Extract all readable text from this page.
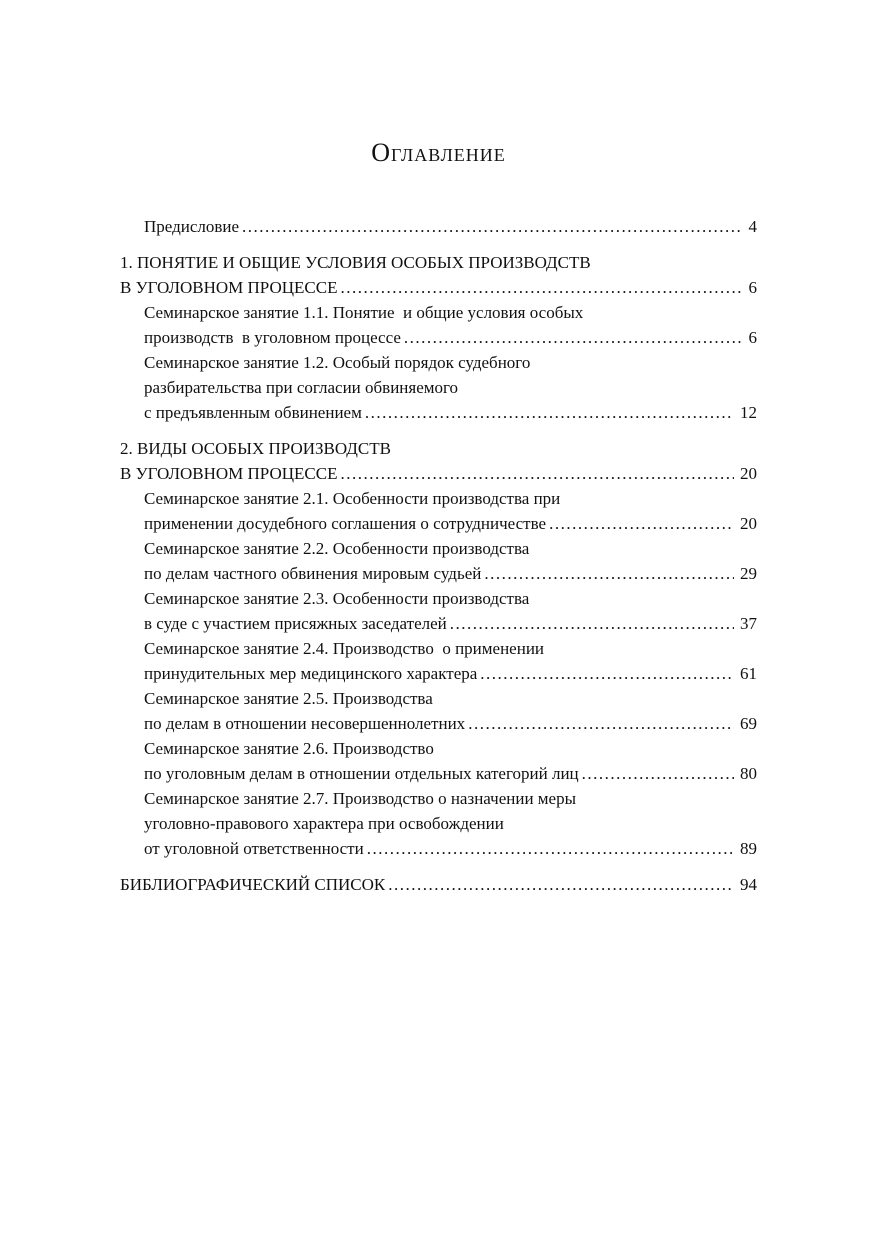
Оглавление
Предисловие .....	4
1. ПОНЯТИЕ И ОБЩИЕ УСЛОВИЯ ОСОБЫХ ПРОИЗВОДСТВ
В УГОЛОВНОМ ПРОЦЕССЕ .....	6
Семинарское занятие 1.1. Понятие  и общие условия особых
производств  в уголовном процессе .....	6
Семинарское занятие 1.2. Особый порядок судебного
разбирательства при согласии обвиняемого
с предъявленным обвинением .....	12
2. ВИДЫ ОСОБЫХ ПРОИЗВОДСТВ
В УГОЛОВНОМ ПРОЦЕССЕ .....	20
Семинарское занятие 2.1. Особенности производства при
применении досудебного соглашения о сотрудничестве .....	20
Семинарское занятие 2.2. Особенности производства
по делам частного обвинения мировым судьей .....	29
Семинарское занятие 2.3. Особенности производства
в суде с участием присяжных заседателей .....	37
Семинарское занятие 2.4. Производство  о применении
принудительных мер медицинского характера .....	61
Семинарское занятие 2.5. Производства
по делам в отношении несовершеннолетних .....	69
Семинарское занятие 2.6. Производство
по уголовным делам в отношении отдельных категорий лиц .....	80
Семинарское занятие 2.7. Производство о назначении меры
уголовно-правового характера при освобождении
от уголовной ответственности .....	89
БИБЛИОГРАФИЧЕСКИЙ СПИСОК .....	94
